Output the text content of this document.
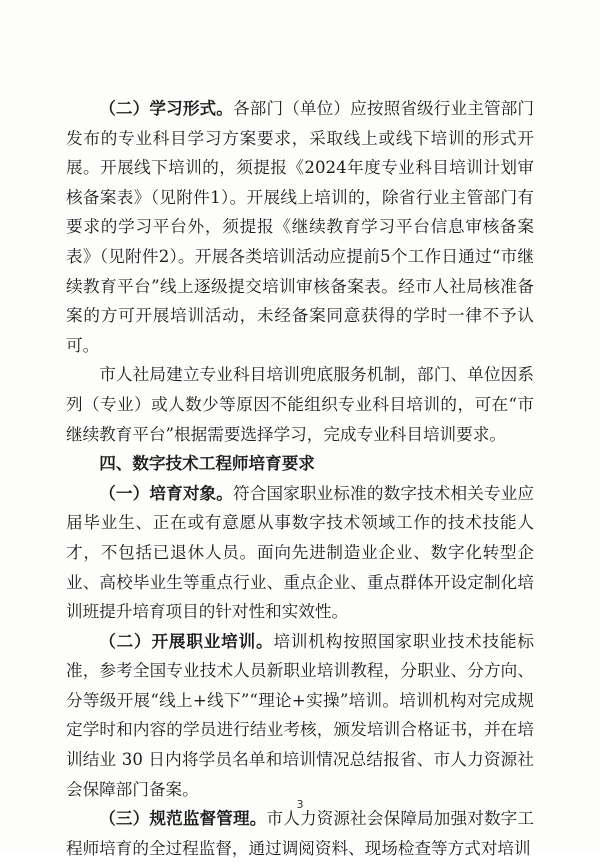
（二）学习形式。各部门（单位）应按照省级行业主管部门发布的专业科目学习方案要求，采取线上或线下培训的形式开展。开展线下培训的，须提报《2024年度专业科目培训计划审核备案表》（见附件1）。开展线上培训的，除省行业主管部门有要求的学习平台外，须提报《继续教育学习平台信息审核备案表》（见附件2）。开展各类培训活动应提前5个工作日通过“市继续教育平台”线上逐级提交培训审核备案表。经市人社局核准备案的方可开展培训活动，未经备案同意获得的学时一律不予认可。

市人社局建立专业科目培训兜底服务机制，部门、单位因系列（专业）或人数少等原因不能组织专业科目培训的，可在“市继续教育平台”根据需要选择学习，完成专业科目培训要求。

四、数字技术工程师培育要求

（一）培育对象。符合国家职业标准的数字技术相关专业应届毕业生、正在或有意愿从事数字技术领域工作的技术技能人才，不包括已退休人员。面向先进制造业企业、数字化转型企业、高校毕业生等重点行业、重点企业、重点群体开设定制化培训班提升培育项目的针对性和实效性。

（二）开展职业培训。培训机构按照国家职业技术技能标准，参考全国专业技术人员新职业培训教程，分职业、分方向、分等级开展“线上+线下”“理论+实操”培训。培训机构对完成规定学时和内容的学员进行结业考核，颁发培训合格证书，并在培训结业 30 日内将学员名单和培训情况总结报省、市人力资源社会保障部门备案。

（三）规范监督管理。市人力资源社会保障局加强对数字工程师培育的全过程监督，通过调阅资料、现场检查等方式对培训

3
